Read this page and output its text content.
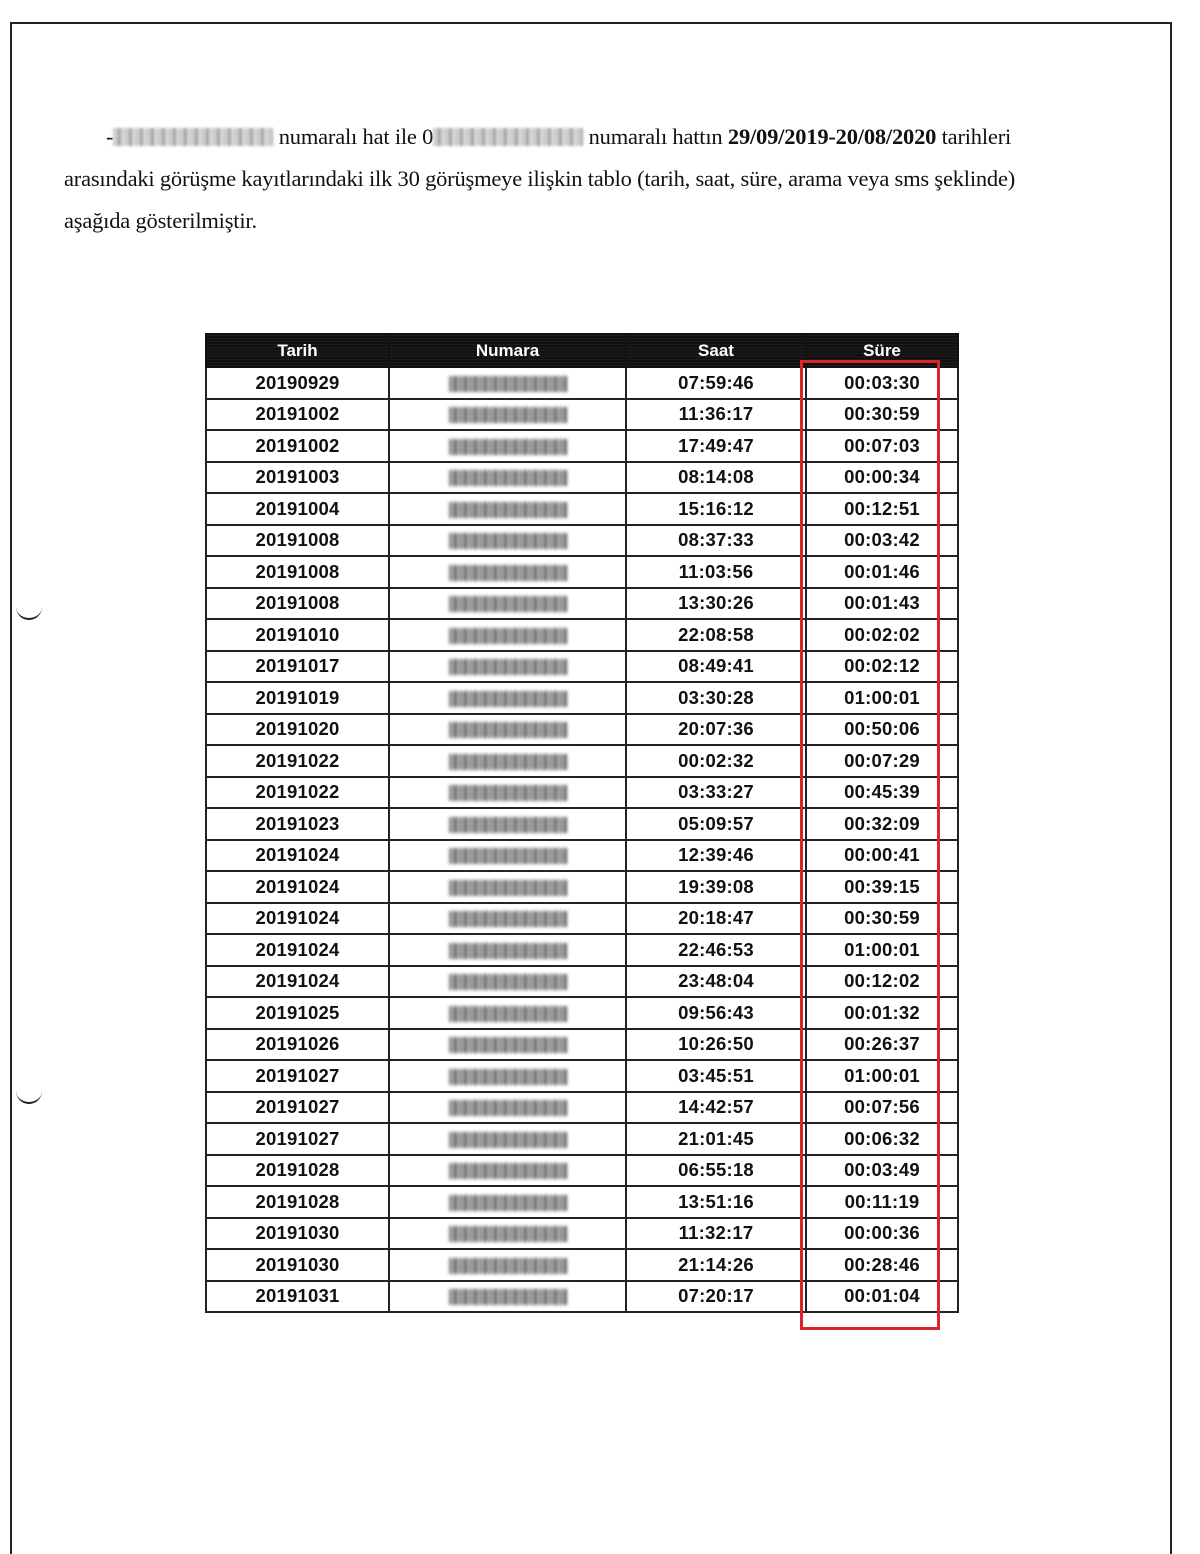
-	numaralı hat ile 0	numaralı hattın 29/09/2019-20/08/2020 tarihleri arasındaki görüşme kayıtlarındaki ilk 30 görüşmeye ilişkin tablo (tarih, saat, süre, arama veya sms şeklinde) aşağıda gösterilmiştir.
Tarih	Numara	Saat	Süre
20190929		07:59:46	00:03:30
20191002		11:36:17	00:30:59
20191002		17:49:47	00:07:03
20191003		08:14:08	00:00:34
20191004		15:16:12	00:12:51
20191008		08:37:33	00:03:42
20191008		11:03:56	00:01:46
20191008		13:30:26	00:01:43
20191010		22:08:58	00:02:02
20191017		08:49:41	00:02:12
20191019		03:30:28	01:00:01
20191020		20:07:36	00:50:06
20191022		00:02:32	00:07:29
20191022		03:33:27	00:45:39
20191023		05:09:57	00:32:09
20191024		12:39:46	00:00:41
20191024		19:39:08	00:39:15
20191024		20:18:47	00:30:59
20191024		22:46:53	01:00:01
20191024		23:48:04	00:12:02
20191025		09:56:43	00:01:32
20191026		10:26:50	00:26:37
20191027		03:45:51	01:00:01
20191027		14:42:57	00:07:56
20191027		21:01:45	00:06:32
20191028		06:55:18	00:03:49
20191028		13:51:16	00:11:19
20191030		11:32:17	00:00:36
20191030		21:14:26	00:28:46
20191031		07:20:17	00:01:04
